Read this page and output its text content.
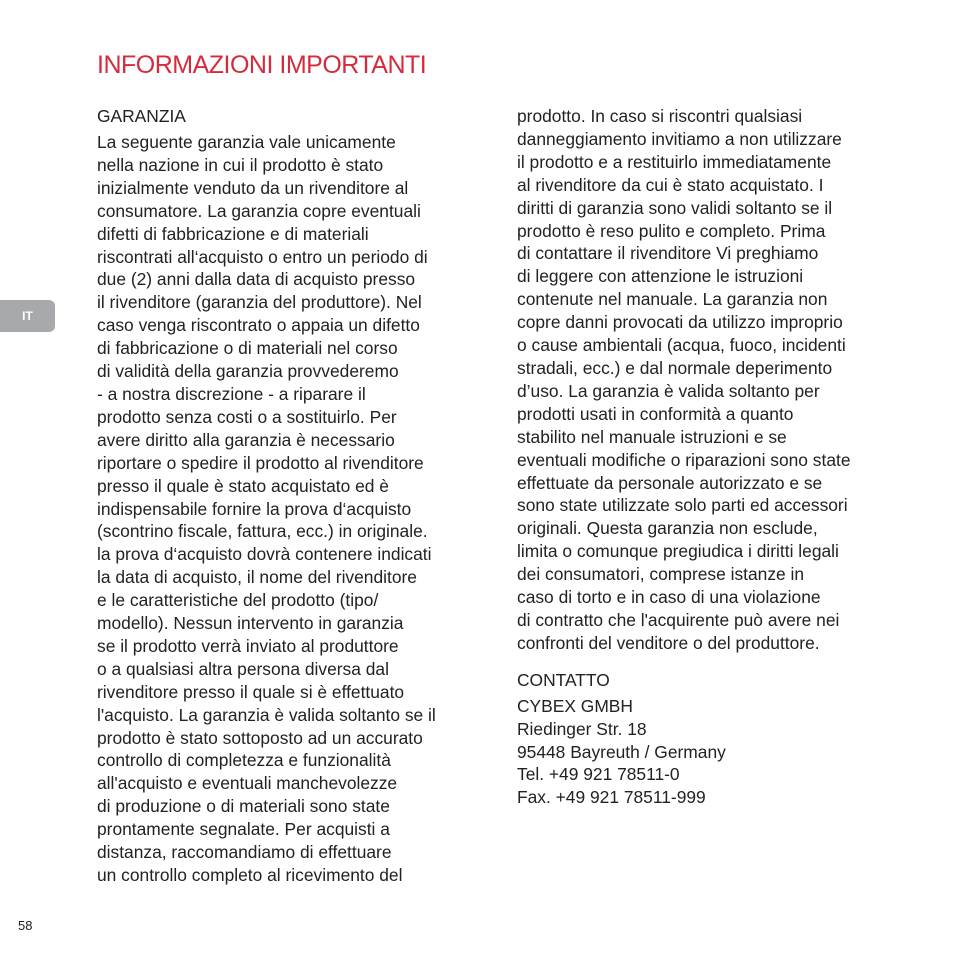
INFORMAZIONI IMPORTANTI
IT
GARANZIA
La seguente garanzia vale unicamente
nella nazione in cui il prodotto è stato
inizialmente venduto da un rivenditore al
consumatore. La garanzia copre eventuali
difetti di fabbricazione e di materiali
riscontrati all‘acquisto o entro un periodo di
due (2) anni dalla data di acquisto presso
il rivenditore (garanzia del produttore). Nel
caso venga riscontrato o appaia un difetto
di fabbricazione o di materiali nel corso
di validità della garanzia provvederemo
- a nostra discrezione - a riparare il
prodotto senza costi o a sostituirlo. Per
avere diritto alla garanzia è necessario
riportare o spedire il prodotto al rivenditore
presso il quale è stato acquistato ed è
indispensabile fornire la prova d‘acquisto
(scontrino fiscale, fattura, ecc.) in originale.
la prova d‘acquisto dovrà contenere indicati
la data di acquisto, il nome del rivenditore
e le caratteristiche del prodotto (tipo/
modello). Nessun intervento in garanzia
se il prodotto verrà inviato al produttore
o a qualsiasi altra persona diversa dal
rivenditore presso il quale si è effettuato
l'acquisto. La garanzia è valida soltanto se il
prodotto è stato sottoposto ad un accurato
controllo di completezza e funzionalità
all'acquisto e eventuali manchevolezze
di produzione o di materiali sono state
prontamente segnalate. Per acquisti a
distanza, raccomandiamo di effettuare
un controllo completo al ricevimento del
prodotto. In caso si riscontri qualsiasi
danneggiamento invitiamo a non utilizzare
il prodotto e a restituirlo immediatamente
al rivenditore da cui è stato acquistato. I
diritti di garanzia sono validi soltanto se il
prodotto è reso pulito e completo. Prima
di contattare il rivenditore Vi preghiamo
di leggere con attenzione le istruzioni
contenute nel manuale. La garanzia non
copre danni provocati da utilizzo improprio
o cause ambientali (acqua, fuoco, incidenti
stradali, ecc.) e dal normale deperimento
d’uso. La garanzia è valida soltanto per
prodotti usati in conformità a quanto
stabilito nel manuale istruzioni e se
eventuali modifiche o riparazioni sono state
effettuate da personale autorizzato e se
sono state utilizzate solo parti ed accessori
originali. Questa garanzia non esclude,
limita o comunque pregiudica i diritti legali
dei consumatori, comprese istanze in
caso di torto e in caso di una violazione
di contratto che l'acquirente può avere nei
confronti del venditore o del produttore.
CONTATTO
CYBEX GMBH
Riedinger Str. 18
95448 Bayreuth / Germany
Tel. +49 921 78511-0
Fax. +49 921 78511-999
58
